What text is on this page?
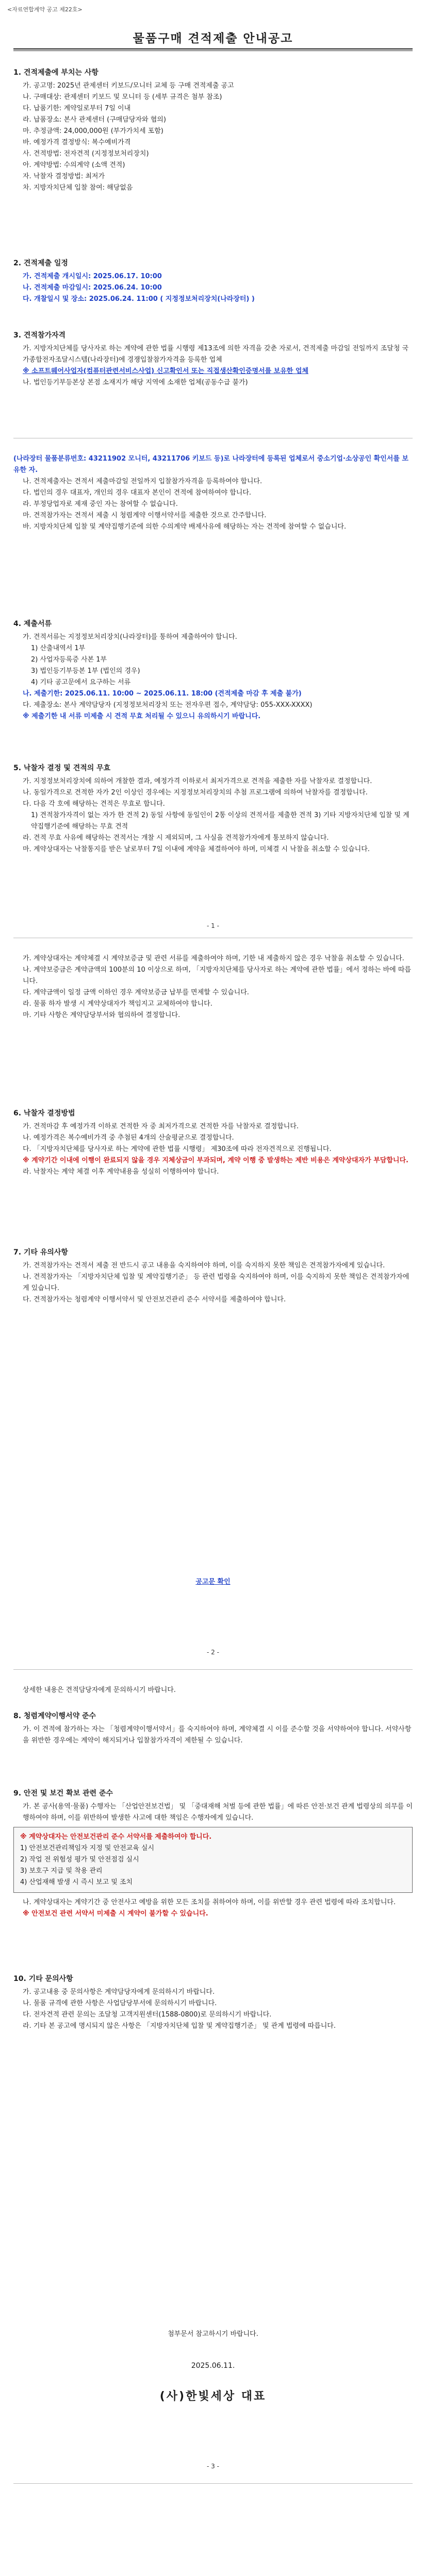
<자료연합계약 공고 제22호>
물품구매 견적제출 안내공고
1. 견적제출에 부치는 사항

가. 공고명: 2025년 관제센터 키보드/모니터 교체 등 구매 견적제출 공고

나. 구매대상: 관제센터 키보드 및 모니터 등 (세부 규격은 첨부 참조)

다. 납품기한: 계약일로부터 7일 이내

라. 납품장소: 본사 관제센터 (구매담당자와 협의)

마. 추정금액: 24,000,000원 (부가가치세 포함)

바. 예정가격 결정방식: 복수예비가격

사. 견적방법: 전자견적 (지정정보처리장치)

아. 계약방법: 수의계약 (소액 견적)

자. 낙찰자 결정방법: 최저가

차. 지방자치단체 입찰 참여: 해당없음

2. 견적제출 일정

가. 견적제출 개시일시: 2025.06.17. 10:00

나. 견적제출 마감일시: 2025.06.24. 10:00

다. 개찰일시 및 장소: 2025.06.24. 11:00 ( 지정정보처리장치(나라장터) )

3. 견적참가자격

가. 지방자치단체를 당사자로 하는 계약에 관한 법률 시행령 제13조에 의한 자격을 갖춘 자로서, 견적제출 마감일 전일까지 조달청 국가종합전자조달시스템(나라장터)에 경쟁입찰참가자격을 등록한 업체

※ 소프트웨어사업자(컴퓨터관련서비스사업) 신고확인서 또는 직접생산확인증명서를 보유한 업체

나. 법인등기부등본상 본점 소재지가 해당 지역에 소재한 업체(공동수급 불가)

(나라장터 물품분류번호: 43211902 모니터, 43211706 키보드 등)로 나라장터에 등록된 업체로서 중소기업·소상공인 확인서를 보유한 자.

나. 견적제출자는 견적서 제출마감일 전일까지 입찰참가자격을 등록하여야 합니다.

다. 법인의 경우 대표자, 개인의 경우 대표자 본인이 견적에 참여하여야 합니다.

라. 부정당업자로 제재 중인 자는 참여할 수 없습니다.

마. 견적참가자는 견적서 제출 시 청렴계약 이행서약서를 제출한 것으로 간주합니다.

바. 지방자치단체 입찰 및 계약집행기준에 의한 수의계약 배제사유에 해당하는 자는 견적에 참여할 수 없습니다.

4. 제출서류

가. 견적서류는 지정정보처리장치(나라장터)를 통하여 제출하여야 합니다.

1) 산출내역서 1부

2) 사업자등록증 사본 1부

3) 법인등기부등본 1부 (법인의 경우)

4) 기타 공고문에서 요구하는 서류

나. 제출기한: 2025.06.11. 10:00 ~ 2025.06.11. 18:00 (견적제출 마감 후 제출 불가)

다. 제출장소: 본사 계약담당자 (지정정보처리장치 또는 전자우편 접수, 계약담당: 055-XXX-XXXX)

※ 제출기한 내 서류 미제출 시 견적 무효 처리될 수 있으니 유의하시기 바랍니다.

5. 낙찰자 결정 및 견적의 무효

가. 지정정보처리장치에 의하여 개찰한 결과, 예정가격 이하로서 최저가격으로 견적을 제출한 자를 낙찰자로 결정합니다.

나. 동일가격으로 견적한 자가 2인 이상인 경우에는 지정정보처리장치의 추첨 프로그램에 의하여 낙찰자를 결정합니다.

다. 다음 각 호에 해당하는 견적은 무효로 합니다.

1) 견적참가자격이 없는 자가 한 견적 2) 동일 사항에 동일인이 2통 이상의 견적서를 제출한 견적 3) 기타 지방자치단체 입찰 및 계약집행기준에 해당하는 무효 견적

라. 견적 무효 사유에 해당하는 견적서는 개찰 시 제외되며, 그 사실을 견적참가자에게 통보하지 않습니다.

마. 계약상대자는 낙찰통지를 받은 날로부터 7일 이내에 계약을 체결하여야 하며, 미체결 시 낙찰을 취소할 수 있습니다.

- 1 -

가. 계약상대자는 계약체결 시 계약보증금 및 관련 서류를 제출하여야 하며, 기한 내 제출하지 않은 경우 낙찰을 취소할 수 있습니다.

나. 계약보증금은 계약금액의 100분의 10 이상으로 하며, 「지방자치단체를 당사자로 하는 계약에 관한 법률」에서 정하는 바에 따릅니다.

다. 계약금액이 일정 금액 이하인 경우 계약보증금 납부를 면제할 수 있습니다.

라. 물품 하자 발생 시 계약상대자가 책임지고 교체하여야 합니다.

마. 기타 사항은 계약담당부서와 협의하여 결정합니다.

6. 낙찰자 결정방법

가. 견적마감 후 예정가격 이하로 견적한 자 중 최저가격으로 견적한 자를 낙찰자로 결정합니다.

나. 예정가격은 복수예비가격 중 추첨된 4개의 산술평균으로 결정합니다.

다. 「지방자치단체를 당사자로 하는 계약에 관한 법률 시행령」 제30조에 따라 전자견적으로 진행됩니다.

※ 계약기간 이내에 이행이 완료되지 않을 경우 지체상금이 부과되며, 계약 이행 중 발생하는 제반 비용은 계약상대자가 부담합니다.

라. 낙찰자는 계약 체결 이후 계약내용을 성실히 이행하여야 합니다.

7. 기타 유의사항

가. 견적참가자는 견적서 제출 전 반드시 공고 내용을 숙지하여야 하며, 이를 숙지하지 못한 책임은 견적참가자에게 있습니다.

나. 견적참가자는 「지방자치단체 입찰 및 계약집행기준」 등 관련 법령을 숙지하여야 하며, 이를 숙지하지 못한 책임은 견적참가자에게 있습니다.

다. 견적참가자는 청렴계약 이행서약서 및 안전보건관리 준수 서약서를 제출하여야 합니다.

공고문 확인

- 2 -

상세한 내용은 견적담당자에게 문의하시기 바랍니다.

8. 청렴계약이행서약 준수

가. 이 견적에 참가하는 자는 「청렴계약이행서약서」를 숙지하여야 하며, 계약체결 시 이를 준수할 것을 서약하여야 합니다. 서약사항을 위반한 경우에는 계약이 해지되거나 입찰참가자격이 제한될 수 있습니다.

9. 안전 및 보건 확보 관련 준수

가. 본 공사(용역·물품) 수행자는 「산업안전보건법」 및 「중대재해 처벌 등에 관한 법률」에 따른 안전·보건 관계 법령상의 의무를 이행하여야 하며, 이를 위반하여 발생한 사고에 대한 책임은 수행자에게 있습니다.

※ 계약상대자는 안전보건관리 준수 서약서를 제출하여야 합니다.

1) 안전보건관리책임자 지정 및 안전교육 실시

2) 작업 전 위험성 평가 및 안전점검 실시

3) 보호구 지급 및 착용 관리

4) 산업재해 발생 시 즉시 보고 및 조치

나. 계약상대자는 계약기간 중 안전사고 예방을 위한 모든 조치를 취하여야 하며, 이를 위반할 경우 관련 법령에 따라 조치합니다.

※ 안전보건 관련 서약서 미제출 시 계약이 불가할 수 있습니다.

10. 기타 문의사항

가. 공고내용 중 문의사항은 계약담당자에게 문의하시기 바랍니다.

나. 물품 규격에 관한 사항은 사업담당부서에 문의하시기 바랍니다.

다. 전자견적 관련 문의는 조달청 고객지원센터(1588-0800)로 문의하시기 바랍니다.

라. 기타 본 공고에 명시되지 않은 사항은 「지방자치단체 입찰 및 계약집행기준」 및 관계 법령에 따릅니다.

첨부문서 참고하시기 바랍니다.

2025.06.11.
(사)한빛세상 대표
- 3 -
